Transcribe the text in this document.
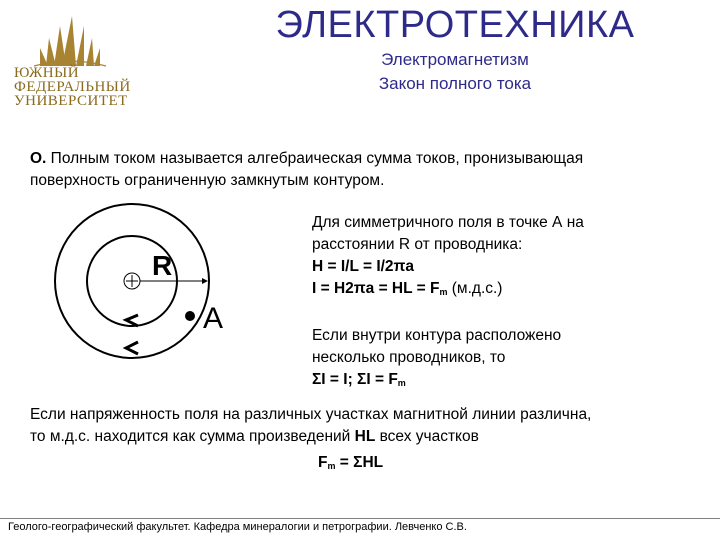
ЮЖНЫЙ
ФЕДЕРАЛЬНЫЙ
УНИВЕРСИТЕТ
ЭЛЕКТРОТЕХНИКА
Электромагнетизм
Закон полного тока
О. Полным током называется алгебраическая сумма токов, пронизывающая
поверхность ограниченную замкнутым контуром.
R
A
Для симметричного поля в точке А на
расстоянии R от проводника:
H = I/L = I/2πa
I = H2πa = HL = $F_m$ (м.д.с.)

Если внутри контура расположено
несколько проводников, то
ΣI = I; $\Sigma I = F_m$
Если напряженность поля на различных участках магнитной линии различна,
то м.д.с. находится как сумма произведений HL всех участков
$F_m = \Sigma HL$
Геолого-географический факультет. Кафедра минералогии и петрографии. Левченко С.В.
